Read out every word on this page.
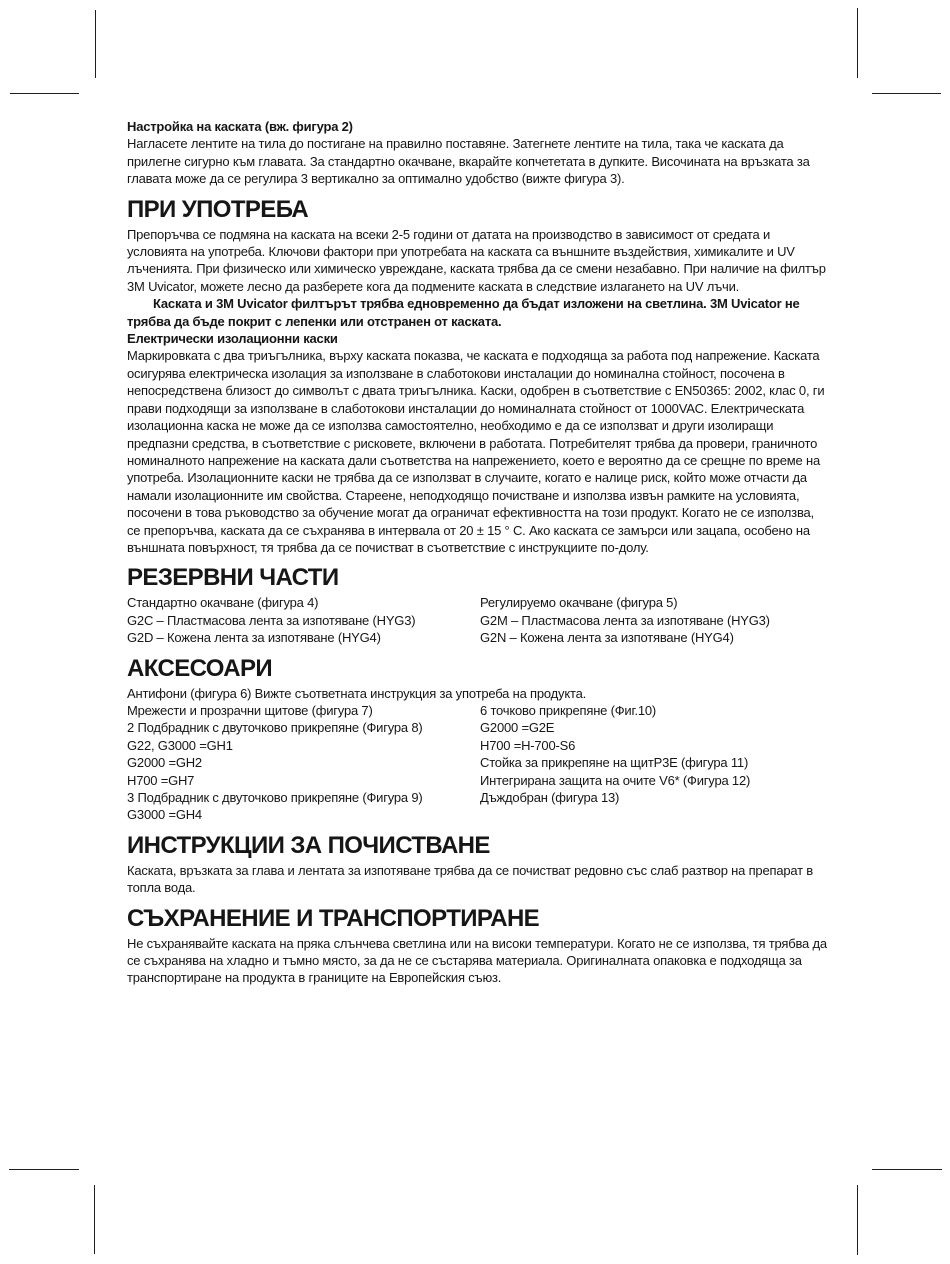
Настройка на каската (вж. фигура 2)

Нагласете лентите на тила до постигане на правилно поставяне. Затегнете лентите на тила, така че каската да прилегне сигурно към главата. За стандартно окачване, вкарайте копчететата в дупките. Височината на връзката за главата може да се регулира 3 вертикално за оптимално удобство (вижте фигура 3).

ПРИ УПОТРЕБА

Препоръчва се подмяна на каската на всеки 2-5 години от датата на производство в зависимост от средата и условията на употреба. Ключови фактори при употребата на каската са външните въздействия, химикалите и UV лъченията. При физическо или химическо увреждане, каската трябва да се смени незабавно. При наличие на филтър 3M Uvicator, можете лесно да разберете кога да подмените каската в следствие излагането на UV лъчи.

Каската и 3M Uvicator филтърът трябва едновременно да бъдат изложени на светлина. 3M Uvicator не трябва да бъде покрит с лепенки или отстранен от каската.

Електрически изолационни каски

Маркировката с два триъгълника, върху каската показва, че каската е подходяща за работа под напрежение. Каската осигурява електрическа изолация за използване в слаботокови инсталации до номинална стойност, посочена в непосредствена близост до символът с двата триъгълника. Каски, одобрен в съответствие с EN50365: 2002, клас 0, ги прави подходящи за използване в слаботокови инсталации до номиналната стойност от 1000VAC. Електрическата изолационна каска не може да се използва самостоятелно, необходимо е да се използват и други изолиращи предпазни средства, в съответствие с рисковете, включени в работата. Потребителят трябва да провери, граничното номиналното напрежение на каската дали съответства на напрежението, което е вероятно да се срещне по време на употреба. Изолационните каски не трябва да се използват в случаите, когато е налице риск, който може отчасти да намали изолационните им свойства. Стареене, неподходящо почистване и използва извън рамките на условията, посочени в това ръководство за обучение могат да ограничат ефективността на този продукт. Когато не се използва, се препоръчва, каската да се съхранява в интервала от 20 ± 15 ° C. Ако каската се замърси или зацапа, особено на външната повърхност, тя трябва да се почистват в съответствие с инструкциите по-долу.

РЕЗЕРВНИ ЧАСТИ
Стандартно окачване (фигура 4)
G2C – Пластмасова лента за изпотяване (HYG3)
G2D – Кожена лента за изпотяване (HYG4)
Регулируемо окачване (фигура 5)
G2M – Пластмасова лента за изпотяване (HYG3)
G2N – Кожена лента за изпотяване (HYG4)
АКСЕСОАРИ

Антифони (фигура 6) Вижте съответната инструкция за употреба на продукта.

Мрежести и прозрачни щитове (фигура 7)
2 Подбрадник с двуточково прикрепяне (Фигура 8)
G22, G3000 =GH1
G2000 =GH2
H700 =GH7
3 Подбрадник с двуточково прикрепяне (Фигура 9)
G3000 =GH4
6 точково прикрепяне (Фиг.10)
G2000 =G2E
H700 =H-700-S6
Стойка за прикрепяне на щитP3E (фигура 11)
Интегрирана защита на очите V6* (Фигура 12)
Дъждобран (фигура 13)
ИНСТРУКЦИИ ЗА ПОЧИСТВАНЕ

Каската, връзката за глава и лентата за изпотяване трябва да се почистват редовно със слаб разтвор на препарат в топла вода.

СЪХРАНЕНИЕ И ТРАНСПОРТИРАНЕ

Не съхранявайте каската на пряка слънчева светлина или на високи температури. Когато не се използва, тя трябва да се съхранява на хладно и тъмно място, за да не се състарява материала. Оригиналната опаковка е подходяща за транспортиране на продукта в границите на Европейския съюз.
